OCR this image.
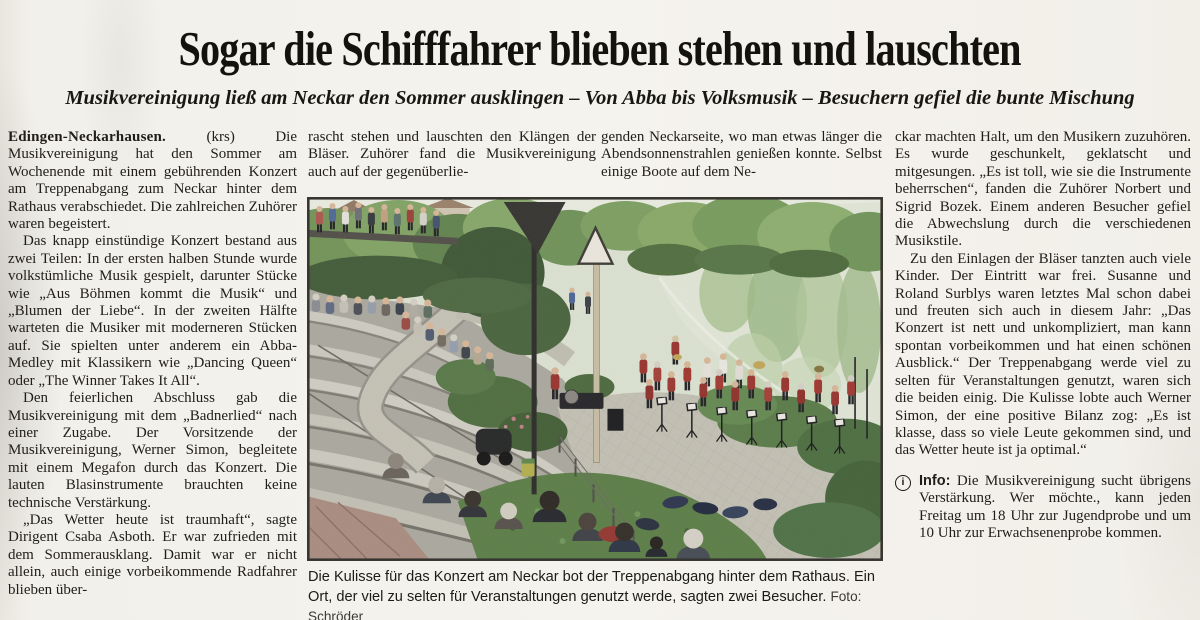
Sogar die Schifffahrer blieben stehen und lauschten
Musikvereinigung ließ am Neckar den Sommer ausklingen – Von Abba bis Volksmusik – Besuchern gefiel die bunte Mischung

Edingen-Neckarhausen.	(krs)	Die Musikvereinigung hat den Sommer am Wochenende mit einem gebührenden Konzert am Treppenabgang zum Neckar hinter dem Rathaus verabschiedet. Die zahlreichen Zuhörer waren begeistert.

Das knapp einstündige Konzert bestand aus zwei Teilen: In der ersten halben Stunde wurde volkstümliche Musik gespielt, darunter Stücke wie „Aus Böhmen kommt die Musik“ und „Blumen der Liebe“. In der zweiten Hälfte warteten die Musiker mit moderneren Stücken auf. Sie spielten unter anderem ein Abba-Medley mit Klassikern wie „Dancing Queen“ oder „The Winner Takes It All“.

Den feierlichen Abschluss gab die Musikvereinigung mit dem „Badnerlied“ nach einer Zugabe. Der Vorsitzende der Musikvereinigung, Werner Simon, begleitete mit einem Megafon durch das Konzert. Die lauten Blasinstrumente brauchten keine technische Verstärkung.

„Das Wetter heute ist traumhaft“, sagte Dirigent Csaba Asboth. Er war zufrieden mit dem Sommerausklang. Damit war er nicht allein, auch einige vorbeikommende Radfahrer blieben über-

rascht stehen und lauschten den Klängen der Bläser. Zuhörer fand die Musikvereinigung auch auf der gegenüberlie-

genden Neckarseite, wo man etwas länger die Abendsonnenstrahlen genießen konnte. Selbst einige Boote auf dem Ne-

ckar machten Halt, um den Musikern zuzuhören. Es wurde geschunkelt, geklatscht und mitgesungen. „Es ist toll, wie sie die Instrumente beherrschen“, fanden die Zuhörer Norbert und Sigrid Bozek. Einem anderen Besucher gefiel die Abwechslung durch die verschiedenen Musikstile.

Zu den Einlagen der Bläser tanzten auch viele Kinder. Der Eintritt war frei. Susanne und Roland Surblys waren letztes Mal schon dabei und freuten sich auch in diesem Jahr: „Das Konzert ist nett und unkompliziert, man kann spontan vorbeikommen und hat einen schönen Ausblick.“ Der Treppenabgang werde viel zu selten für Veranstaltungen genutzt, waren sich die beiden einig. Die Kulisse lobte auch Werner Simon, der eine positive Bilanz zog: „Es ist klasse, dass so viele Leute gekommen sind, und das Wetter heute ist ja optimal.“

i	Info: Die Musikvereinigung sucht übrigens Verstärkung. Wer möchte., kann jeden Freitag um 18 Uhr zur Jugendprobe und um 10 Uhr zur Erwachsenenprobe kommen.
Die Kulisse für das Konzert am Neckar bot der Treppenabgang hinter dem Rathaus. Ein Ort, der viel zu selten für Veranstaltungen genutzt werde, sagten zwei Besucher. Foto: Schröder
